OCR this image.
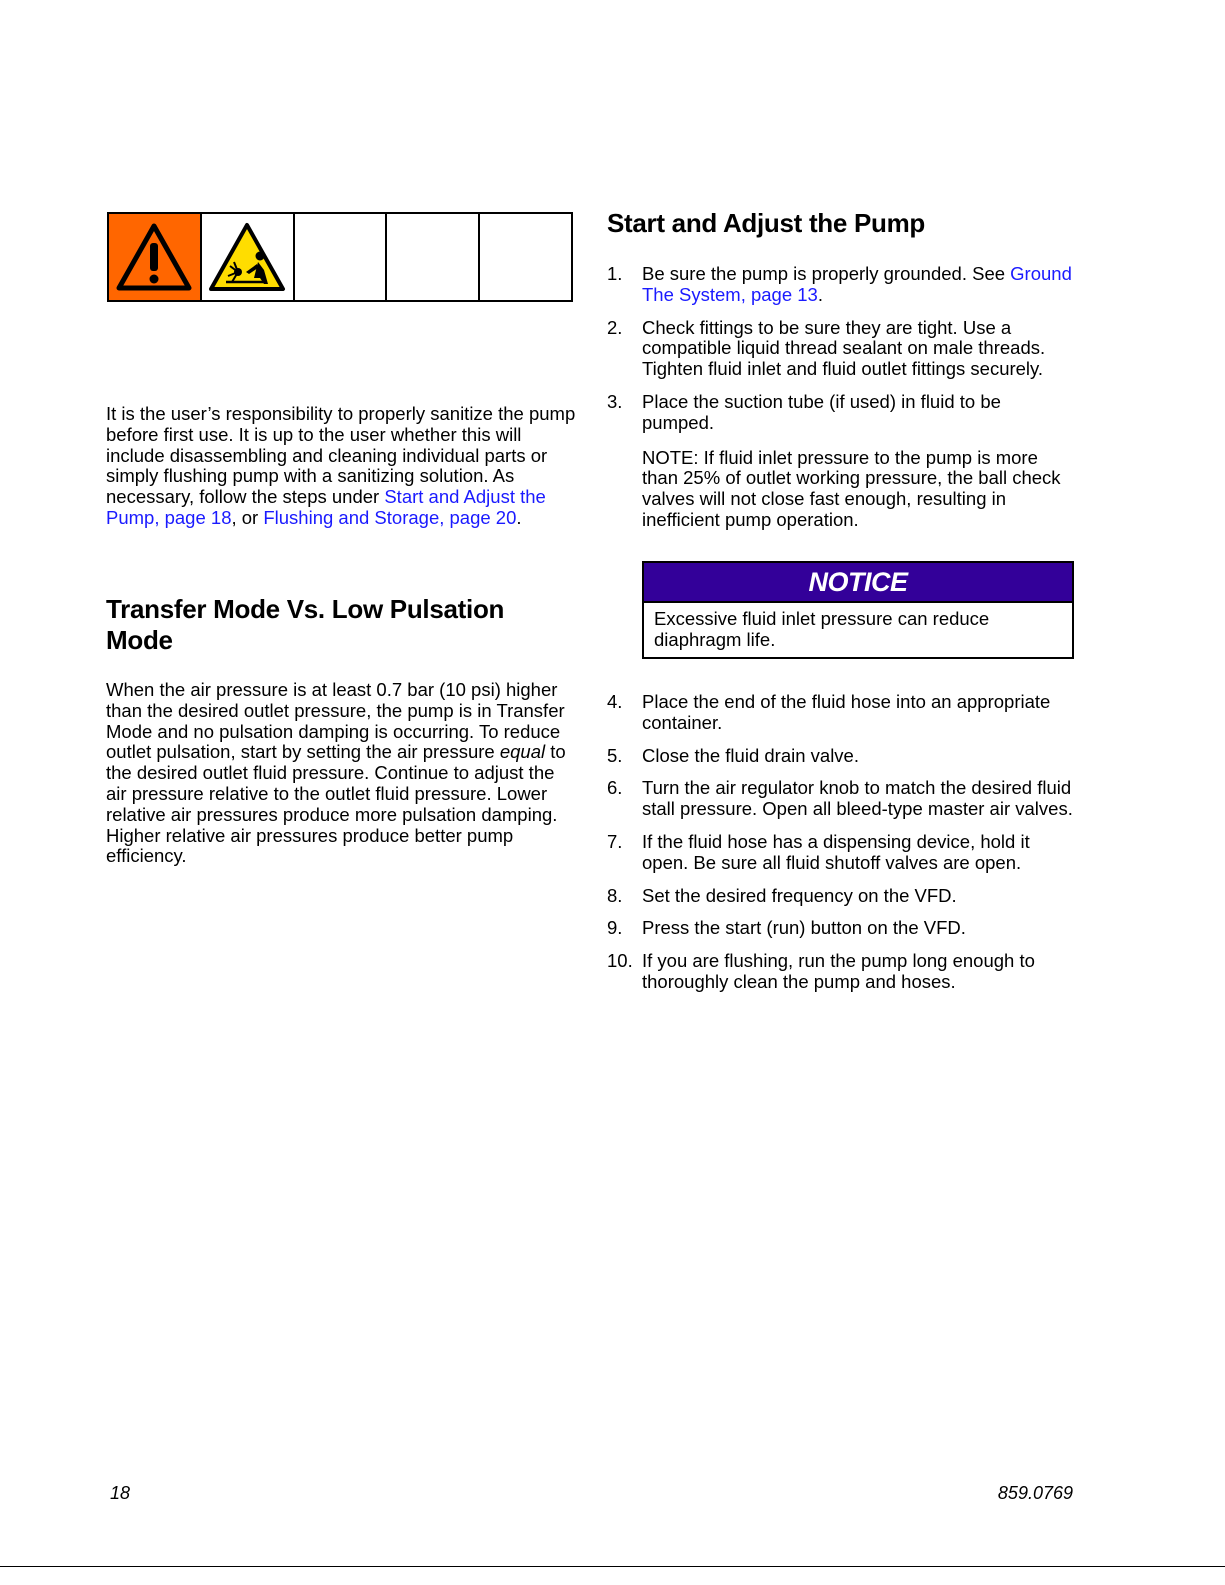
It is the user’s responsibility to properly sanitize the pump before first use. It is up to the user whether this will include disassembling and cleaning individual parts or simply flushing pump with a sanitizing solution. As necessary, follow the steps under Start and Adjust the Pump, page 18, or Flushing and Storage, page 20.

Transfer Mode Vs. Low Pulsation Mode

When the air pressure is at least 0.7 bar (10 psi) higher than the desired outlet pressure, the pump is in Transfer Mode and no pulsation damping is occurring. To reduce outlet pulsation, start by setting the air pressure equal to the desired outlet fluid pressure. Continue to adjust the air pressure relative to the outlet fluid pressure. Lower relative air pressures produce more pulsation damping. Higher relative air pressures produce better pump efficiency.

Start and Adjust the Pump
1. Be sure the pump is properly grounded. See Ground The System, page 13.
2. Check fittings to be sure they are tight. Use a compatible liquid thread sealant on male threads. Tighten fluid inlet and fluid outlet fittings securely.
3. Place the suction tube (if used) in fluid to be pumped.
NOTE: If fluid inlet pressure to the pump is more than 25% of outlet working pressure, the ball check valves will not close fast enough, resulting in inefficient pump operation.
NOTICE
Excessive fluid inlet pressure can reduce diaphragm life.
4. Place the end of the fluid hose into an appropriate container.
5. Close the fluid drain valve.
6. Turn the air regulator knob to match the desired fluid stall pressure. Open all bleed-type master air valves.
7. If the fluid hose has a dispensing device, hold it open. Be sure all fluid shutoff valves are open.
8. Set the desired frequency on the VFD.
9. Press the start (run) button on the VFD.
10. If you are flushing, run the pump long enough to thoroughly clean the pump and hoses.
18	859.0769
